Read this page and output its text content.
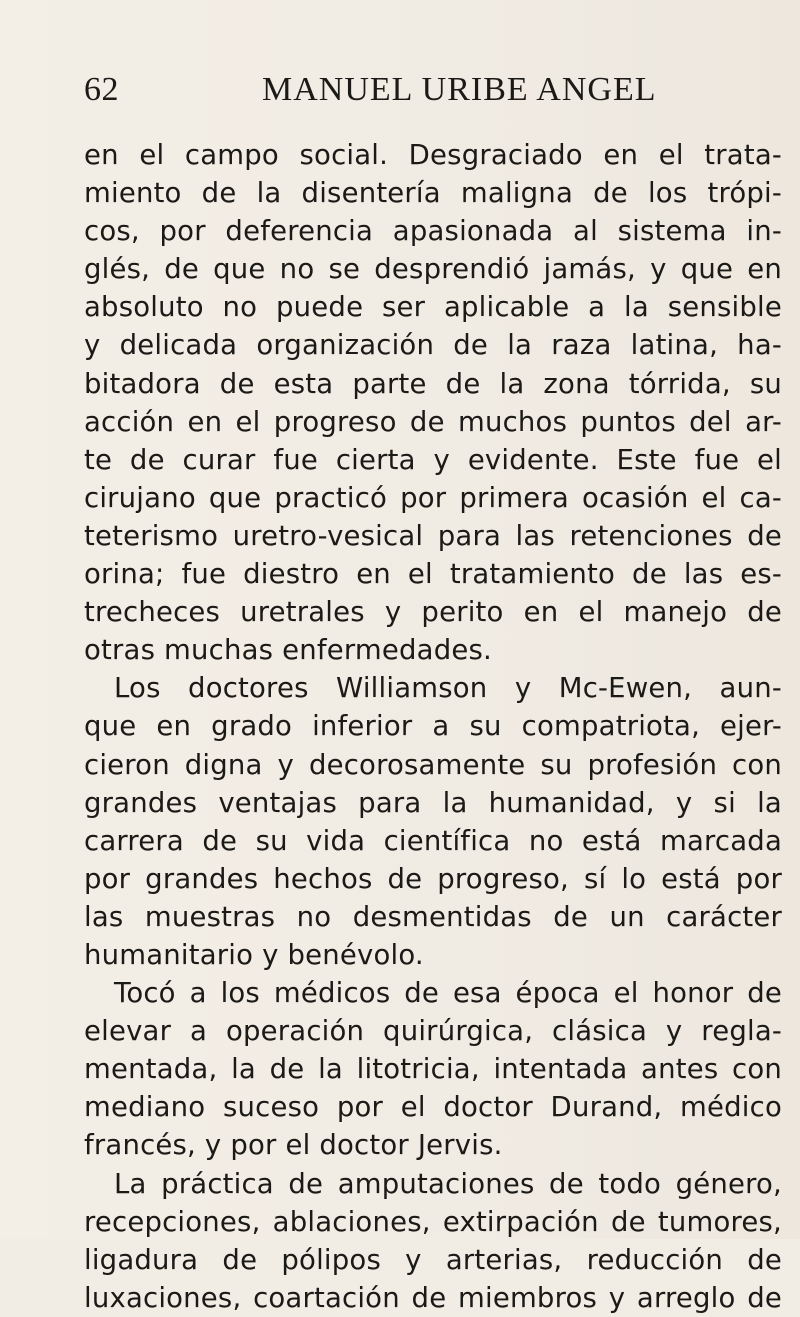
62	MANUEL URIBE ANGEL
en el campo social. Desgraciado en el trata-
miento de la disentería maligna de los trópi-
cos, por deferencia apasionada al sistema in-
glés, de que no se desprendió jamás, y que en
absoluto no puede ser aplicable a la sensible
y delicada organización de la raza latina, ha-
bitadora de esta parte de la zona tórrida, su
acción en el progreso de muchos puntos del ar-
te de curar fue cierta y evidente. Este fue el
cirujano que practicó por primera ocasión el ca-
teterismo uretro-vesical para las retenciones de
orina; fue diestro en el tratamiento de las es-
trecheces uretrales y perito en el manejo de
otras muchas enfermedades.
Los doctores Williamson y Mc-Ewen, aun-
que en grado inferior a su compatriota, ejer-
cieron digna y decorosamente su profesión con
grandes ventajas para la humanidad, y si la
carrera de su vida científica no está marcada
por grandes hechos de progreso, sí lo está por
las muestras no desmentidas de un carácter
humanitario y benévolo.
Tocó a los médicos de esa época el honor de
elevar a operación quirúrgica, clásica y regla-
mentada, la de la litotricia, intentada antes con
mediano suceso por el doctor Durand, médico
francés, y por el doctor Jervis.
La práctica de amputaciones de todo género,
recepciones, ablaciones, extirpación de tumores,
ligadura de pólipos y arterias, reducción de
luxaciones, coartación de miembros y arreglo de
